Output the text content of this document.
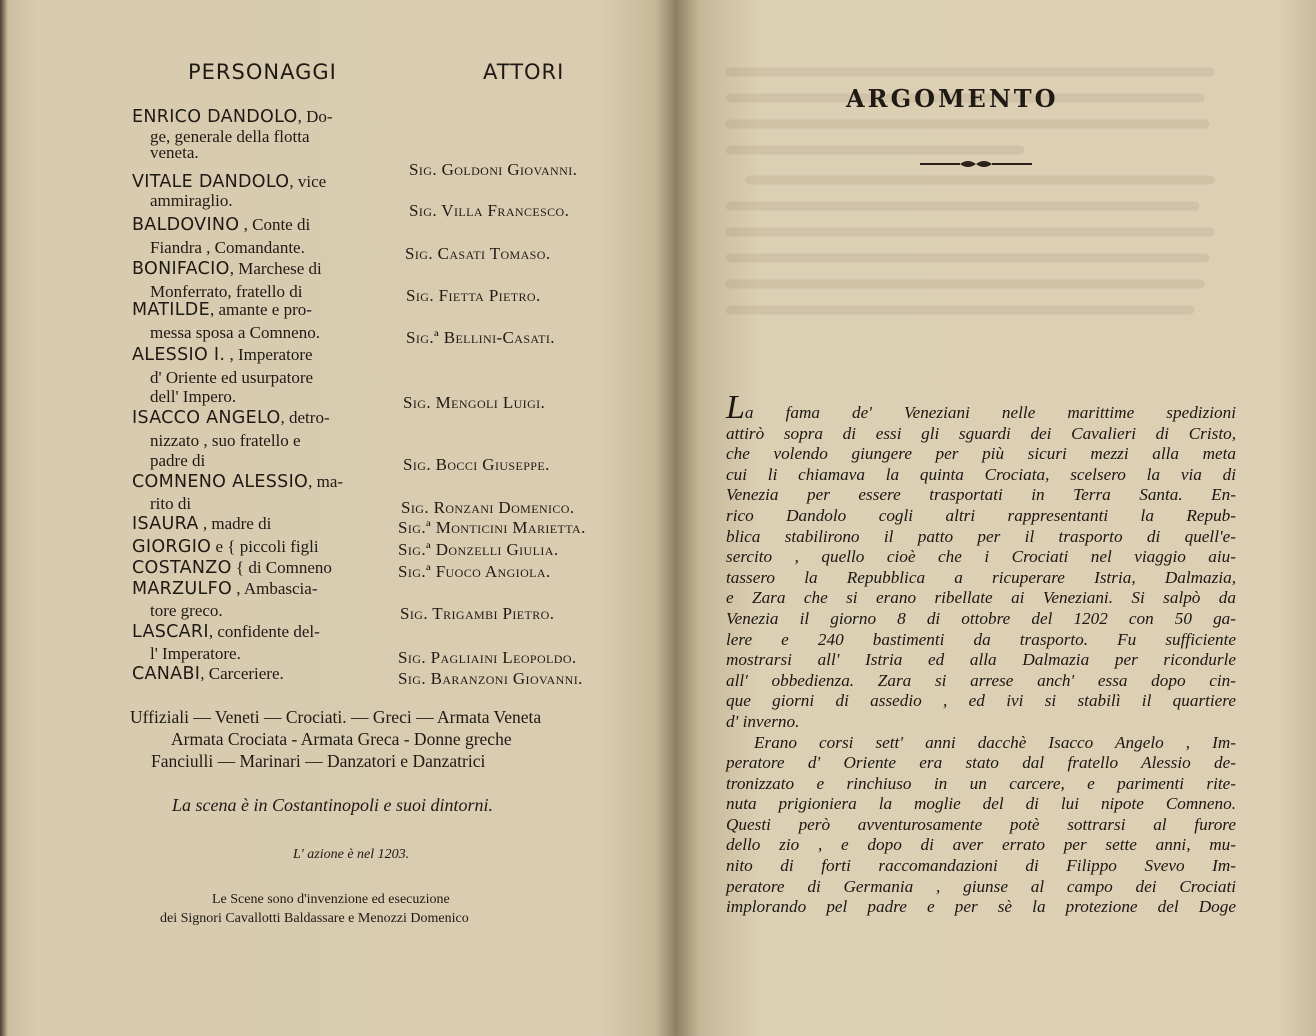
PERSONAGGI	ATTORI
ENRICO DANDOLO, Do-
ge, generale della flotta
veneta.
VITALE DANDOLO, vice
ammiraglio.
BALDOVINO , Conte di
Fiandra , Comandante.
BONIFACIO, Marchese di
Monferrato, fratello di
MATILDE, amante e pro-
messa sposa a Comneno.
ALESSIO I. , Imperatore
d' Oriente ed usurpatore
dell' Impero.
ISACCO ANGELO, detro-
nizzato , suo fratello e
padre di
COMNENO ALESSIO, ma-
rito di
ISAURA , madre di
GIORGIO e { piccoli figli
COSTANZO { di Comneno
MARZULFO , Ambascia-
tore greco.
LASCARI, confidente del-
l' Imperatore.
CANABI, Carceriere.
Sig. Goldoni Giovanni.
Sig. Villa Francesco.
Sig. Casati Tomaso.
Sig. Fietta Pietro.
Sig.ª Bellini-Casati.
Sig. Mengoli Luigi.
Sig. Bocci Giuseppe.
Sig. Ronzani Domenico.
Sig.ª Monticini Marietta.
Sig.ª Donzelli Giulia.
Sig.ª Fuoco Angiola.
Sig. Trigambi Pietro.
Sig. Pagliaini Leopoldo.
Sig. Baranzoni Giovanni.
Uffiziali — Veneti — Crociati. — Greci — Armata Veneta
Armata Crociata - Armata Greca - Donne greche
Fanciulli — Marinari — Danzatori e Danzatrici
La scena è in Costantinopoli e suoi dintorni.
L' azione è nel 1203.
Le Scene sono d'invenzione ed esecuzione
dei Signori Cavallotti Baldassare e Menozzi Domenico
ARGOMENTO
La fama de' Veneziani nelle marittime spedizioni
attirò sopra di essi gli sguardi dei Cavalieri di Cristo,
che volendo giungere per più sicuri mezzi alla meta
cui li chiamava la quinta Crociata, scelsero la via di
Venezia per essere trasportati in Terra Santa. En-
rico Dandolo cogli altri rappresentanti la Repub-
blica stabilirono il patto per il trasporto di quell'e-
sercito , quello cioè che i Crociati nel viaggio aiu-
tassero la Repubblica a ricuperare Istria, Dalmazia,
e Zara che si erano ribellate ai Veneziani. Si salpò da
Venezia il giorno 8 di ottobre del 1202 con 50 ga-
lere e 240 bastimenti da trasporto. Fu sufficiente
mostrarsi all' Istria ed alla Dalmazia per ricondurle
all' obbedienza. Zara si arrese anch' essa dopo cin-
que giorni di assedio , ed ivi si stabilì il quartiere
d' inverno.
Erano corsi sett' anni dacchè Isacco Angelo , Im-
peratore d' Oriente era stato dal fratello Alessio de-
tronizzato e rinchiuso in un carcere, e parimenti rite-
nuta prigioniera la moglie del di lui nipote Comneno.
Questi però avventurosamente potè sottrarsi al furore
dello zio , e dopo di aver errato per sette anni, mu-
nito di forti raccomandazioni di Filippo Svevo Im-
peratore di Germania , giunse al campo dei Crociati
implorando pel padre e per sè la protezione del Doge
